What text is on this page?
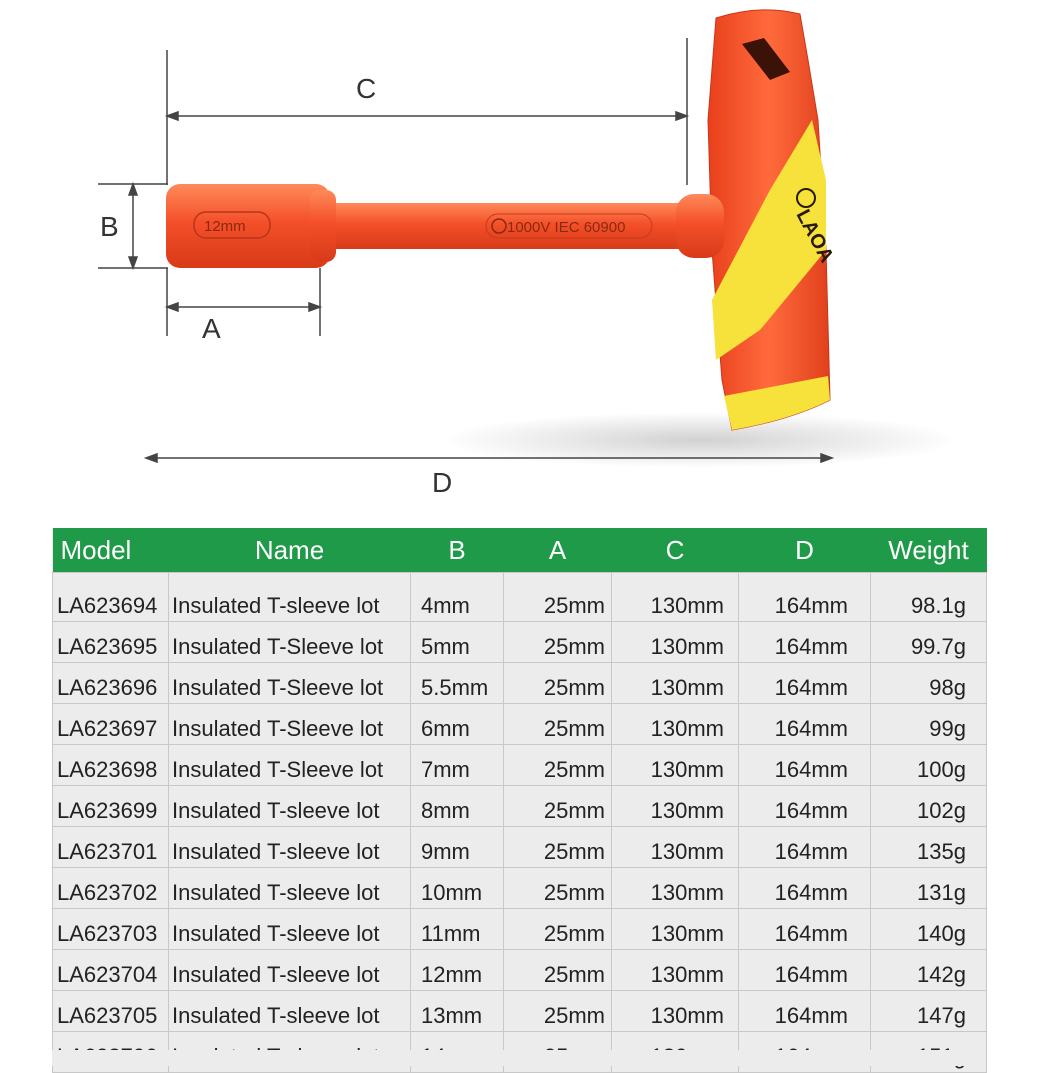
C
B
A
D
LAOA
1000V IEC 60900
12mm
Model	Name	B	A	C	D	Weight
LA623694	Insulated T-sleeve lot	4mm	25mm	130mm	164mm	98.1g
LA623695	Insulated T-Sleeve lot	5mm	25mm	130mm	164mm	99.7g
LA623696	Insulated T-Sleeve lot	5.5mm	25mm	130mm	164mm	98g
LA623697	Insulated T-Sleeve lot	6mm	25mm	130mm	164mm	99g
LA623698	Insulated T-Sleeve lot	7mm	25mm	130mm	164mm	100g
LA623699	Insulated T-sleeve lot	8mm	25mm	130mm	164mm	102g
LA623701	Insulated T-sleeve lot	9mm	25mm	130mm	164mm	135g
LA623702	Insulated T-sleeve lot	10mm	25mm	130mm	164mm	131g
LA623703	Insulated T-sleeve lot	11mm	25mm	130mm	164mm	140g
LA623704	Insulated T-sleeve lot	12mm	25mm	130mm	164mm	142g
LA623705	Insulated T-sleeve lot	13mm	25mm	130mm	164mm	147g
